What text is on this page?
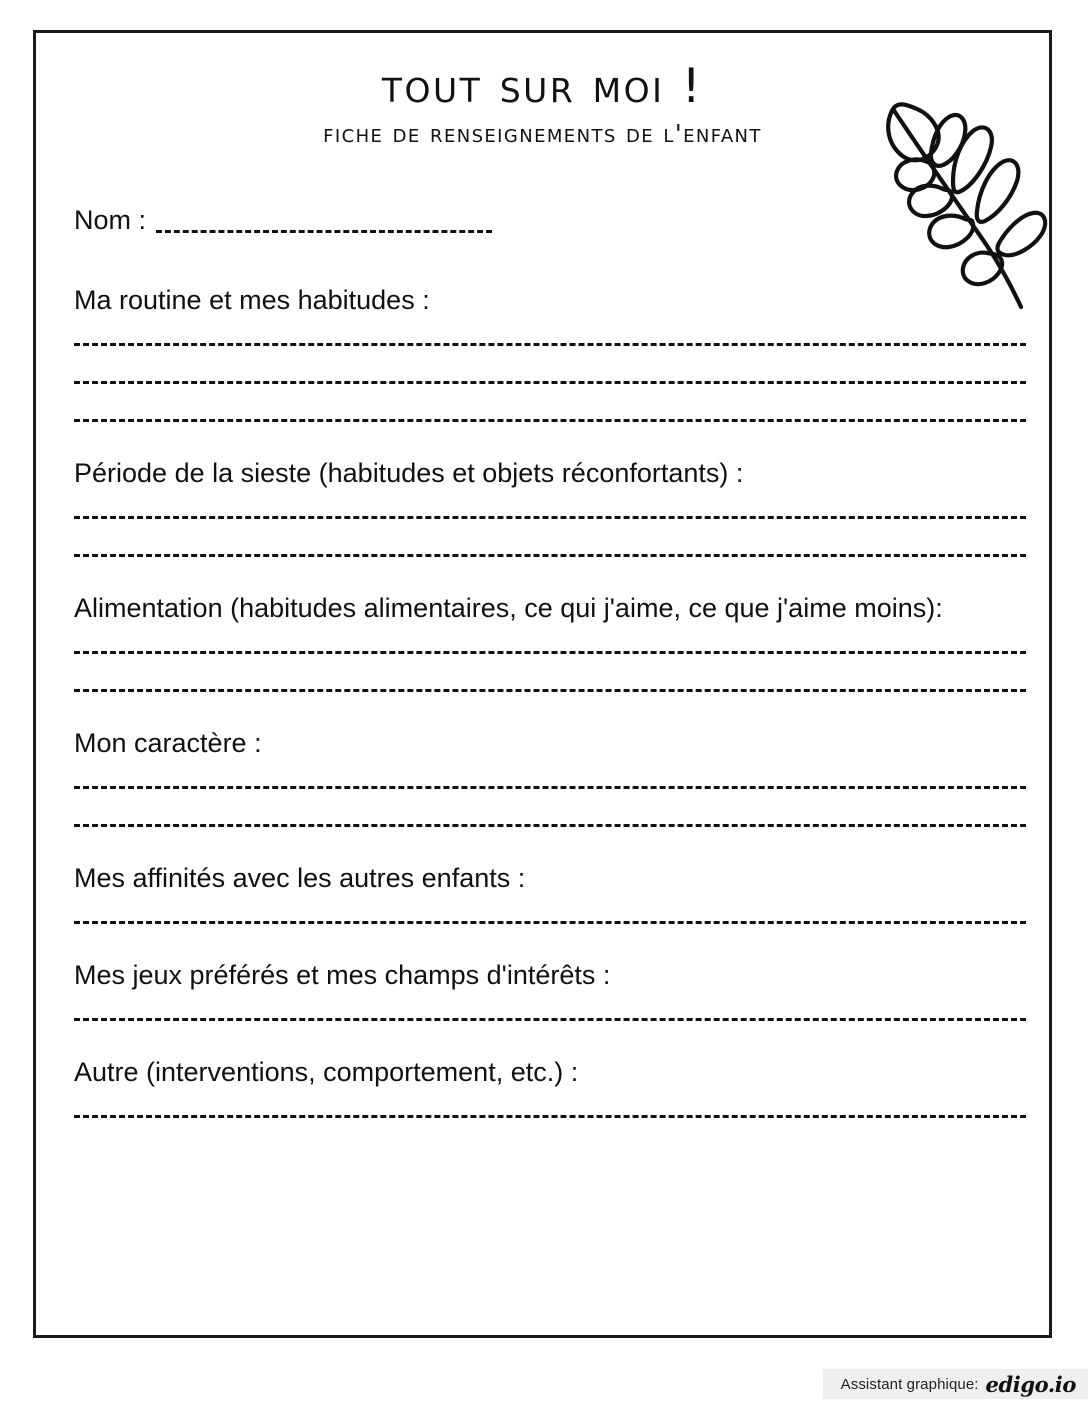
tout sur moi !
fiche de renseignements de l'enfant
Nom :
Ma routine et mes habitudes :
Période de la sieste (habitudes et objets réconfortants) :
Alimentation (habitudes alimentaires, ce qui j'aime, ce que j'aime moins):
Mon caractère :
Mes affinités avec les autres enfants :
Mes jeux préférés et mes champs d'intérêts :
Autre (interventions, comportement, etc.) :
Assistant graphique: edigo.io
